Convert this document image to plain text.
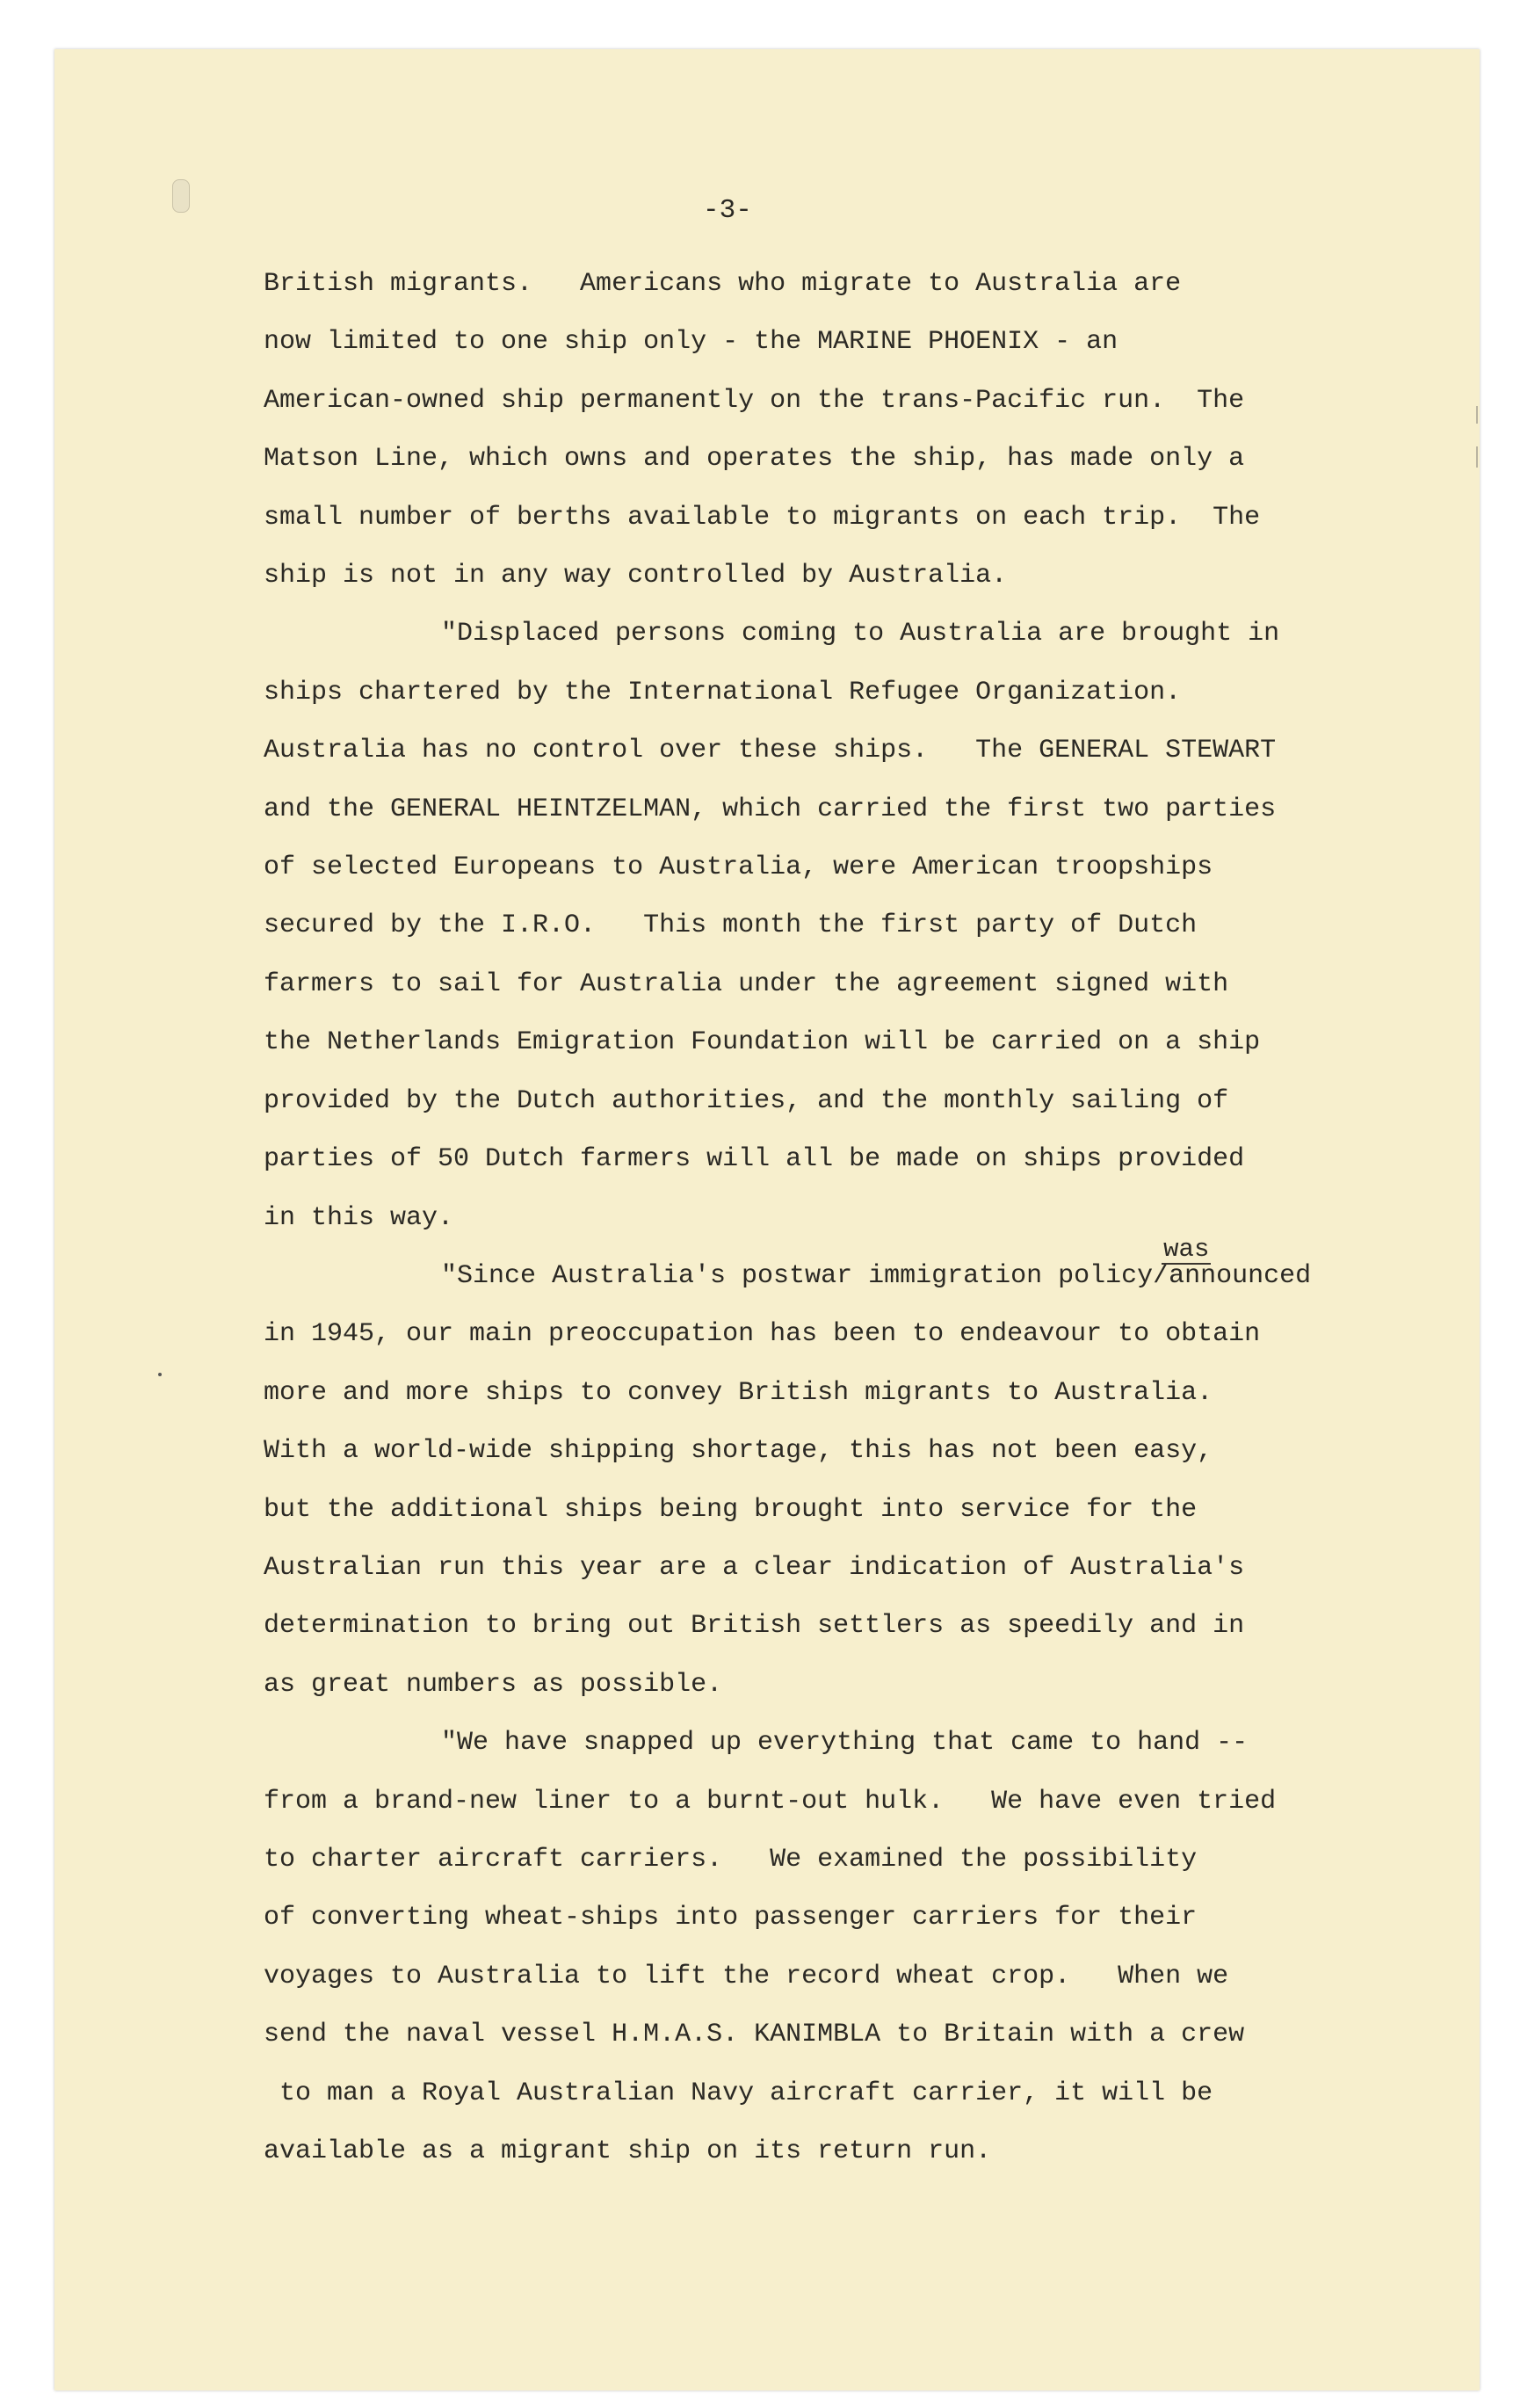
-3-
British migrants.   Americans who migrate to Australia are
now limited to one ship only - the MARINE PHOENIX - an
American-owned ship permanently on the trans-Pacific run.  The
Matson Line, which owns and operates the ship, has made only a
small number of berths available to migrants on each trip.  The
ship is not in any way controlled by Australia.
"Displaced persons coming to Australia are brought in
ships chartered by the International Refugee Organization.
Australia has no control over these ships.   The GENERAL STEWART
and the GENERAL HEINTZELMAN, which carried the first two parties
of selected Europeans to Australia, were American troopships
secured by the I.R.O.   This month the first party of Dutch
farmers to sail for Australia under the agreement signed with
the Netherlands Emigration Foundation will be carried on a ship
provided by the Dutch authorities, and the monthly sailing of
parties of 50 Dutch farmers will all be made on ships provided
in this way.
"Since Australia's postwar immigration policy
was
/announced
in 1945, our main preoccupation has been to endeavour to obtain
more and more ships to convey British migrants to Australia.
With a world-wide shipping shortage, this has not been easy,
but the additional ships being brought into service for the
Australian run this year are a clear indication of Australia's
determination to bring out British settlers as speedily and in
as great numbers as possible.
"We have snapped up everything that came to hand --
from a brand-new liner to a burnt-out hulk.   We have even tried
to charter aircraft carriers.   We examined the possibility
of converting wheat-ships into passenger carriers for their
voyages to Australia to lift the record wheat crop.   When we
send the naval vessel H.M.A.S. KANIMBLA to Britain with a crew
to man a Royal Australian Navy aircraft carrier, it will be
available as a migrant ship on its return run.
